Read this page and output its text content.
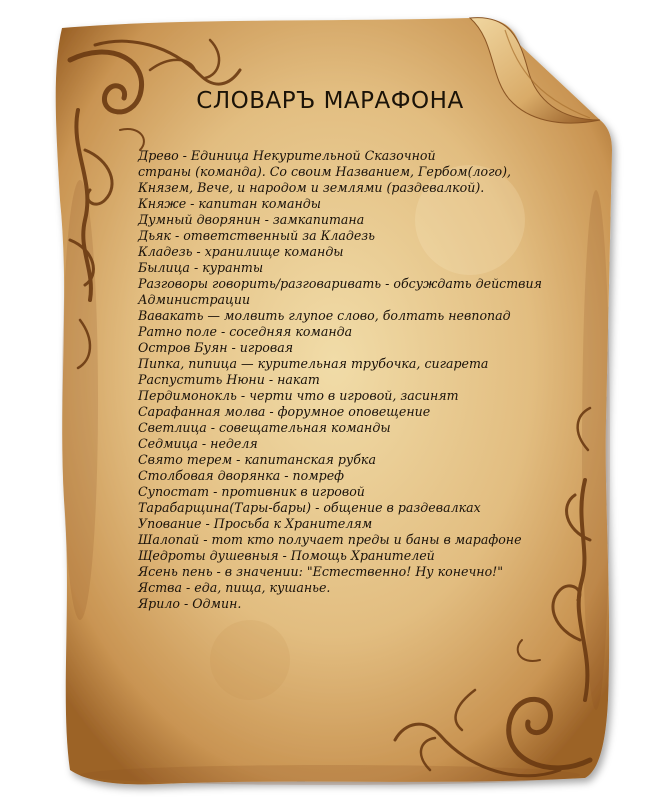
СЛОВАРЪ МАРАФОНА
Древо - Единица Некурительной Сказочной
страны (команда). Со своим Названием, Гербом(лого),
Князем, Вече, и народом и землями (раздевалкой).
Княже - капитан команды
Думный дворянин - замкапитана
Дьяк - ответственный за Кладезь
Кладезь - хранилище команды
Былица - куранты
Разговоры говорить/разговаривать - обсуждать действия
Администрации
Вавакать — молвить глупое слово, болтать невпопад
Ратно поле - соседняя команда
Остров Буян - игровая
Пипка, пипица — курительная трубочка, сигарета
Распустить Нюни - накат
Пердимонокль - черти что в игровой, засинят
Сарафанная молва - форумное оповещение
Светлица - совещательная команды
Седмица - неделя
Свято терем - капитанская рубка
Столбовая дворянка - помреф
Супостат - противник в игровой
Тарабарщина(Тары-бары) - общение в раздевалках
Упование - Просьба к Хранителям
Шалопай - тот кто получает преды и баны в марафоне
Щедроты душевныя - Помощь Хранителей
Ясень пень - в значении: "Естественно! Ну конечно!"
Яства - еда, пища, кушанье.
Ярило - Одмин.
